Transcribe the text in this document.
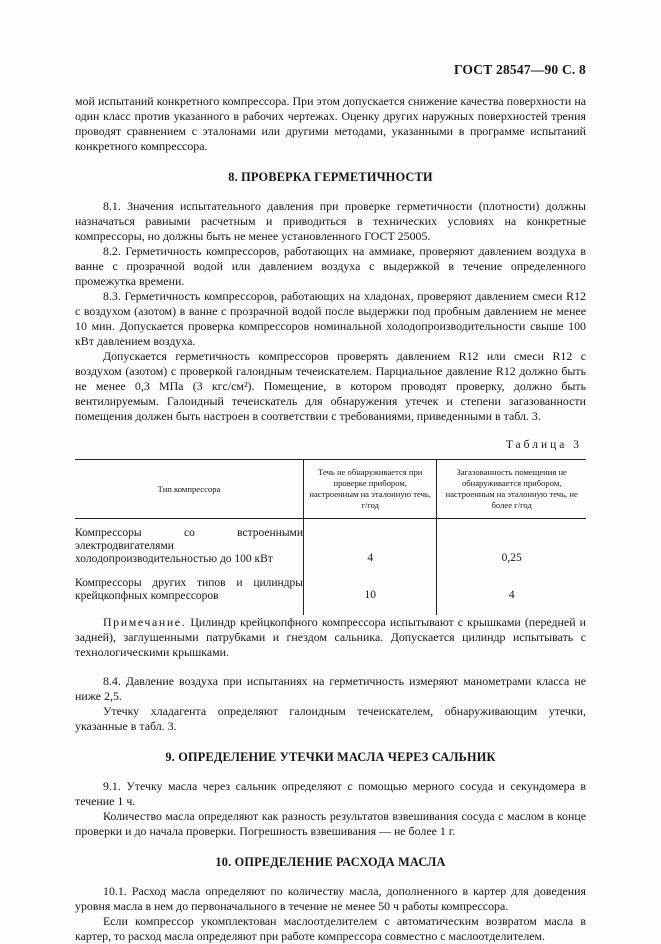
ГОСТ 28547—90 С. 8

мой испытаний конкретного компрессора. При этом допускается снижение качества поверхности на один класс против указанного в рабочих чертежах. Оценку других наружных поверхностей трения проводят сравнением с эталонами или другими методами, указанными в программе испытаний конкретного компрессора.

8. ПРОВЕРКА ГЕРМЕТИЧНОСТИ

8.1. Значения испытательного давления при проверке герметичности (плотности) должны назначаться равными расчетным и приводиться в технических условиях на конкретные компрессоры, но должны быть не менее установленного ГОСТ 25005.

8.2. Герметичность компрессоров, работающих на аммиаке, проверяют давлением воздуха в ванне с прозрачной водой или давлением воздуха с выдержкой в течение определенного промежутка времени.

8.3. Герметичность компрессоров, работающих на хладонах, проверяют давлением смеси R12 с воздухом (азотом) в ванне с прозрачной водой после выдержки под пробным давлением не менее 10 мин. Допускается проверка компрессоров номинальной холодопроизводительности свыше 100 кВт давлением воздуха.

Допускается герметичность компрессоров проверять давлением R12 или смеси R12 с воздухом (азотом) с проверкой галоидным течеискателем. Парциальное давление R12 должно быть не менее 0,3 МПа (3 кгс/см²). Помещение, в котором проводят проверку, должно быть вентилируемым. Галоидный течеискатель для обнаружения утечек и степени загазованности помещения должен быть настроен в соответствии с требованиями, приведенными в табл. 3.

Таблица 3
Тип компрессора	Течь не обнаруживается при проверке прибором, настроенным на эталонную течь, г/год	Загазованность помещения не обнаруживается прибором, настроенным на эталонную течь, не более г/год
Компрессоры со встроенными электродвигателями холодопроизводительностью до 100 кВт	4	0,25
Компрессоры других типов и цилиндры крейцкопфных компрессоров	10	4

Примечание. Цилиндр крейцкопфного компрессора испытывают с крышками (передней и задней), заглушенными патрубками и гнездом сальника. Допускается цилиндр испытывать с технологическими крышками.

8.4. Давление воздуха при испытаниях на герметичность измеряют манометрами класса не ниже 2,5.

Утечку хладагента определяют галоидным течеискателем, обнаруживающим утечки, указанные в табл. 3.

9. ОПРЕДЕЛЕНИЕ УТЕЧКИ МАСЛА ЧЕРЕЗ САЛЬНИК

9.1. Утечку масла через сальник определяют с помощью мерного сосуда и секундомера в течение 1 ч.

Количество масла определяют как разность результатов взвешивания сосуда с маслом в конце проверки и до начала проверки. Погрешность взвешивания — не более 1 г.

10. ОПРЕДЕЛЕНИЕ РАСХОДА МАСЛА

10.1. Расход масла определяют по количеству масла, дополненного в картер для доведения уровня масла в нем до первоначального в течение не менее 50 ч работы компрессора.

Если компрессор укомплектован маслоотделителем с автоматическим возвратом масла в картер, то расход масла определяют при работе компрессора совместно с маслоотделителем.
